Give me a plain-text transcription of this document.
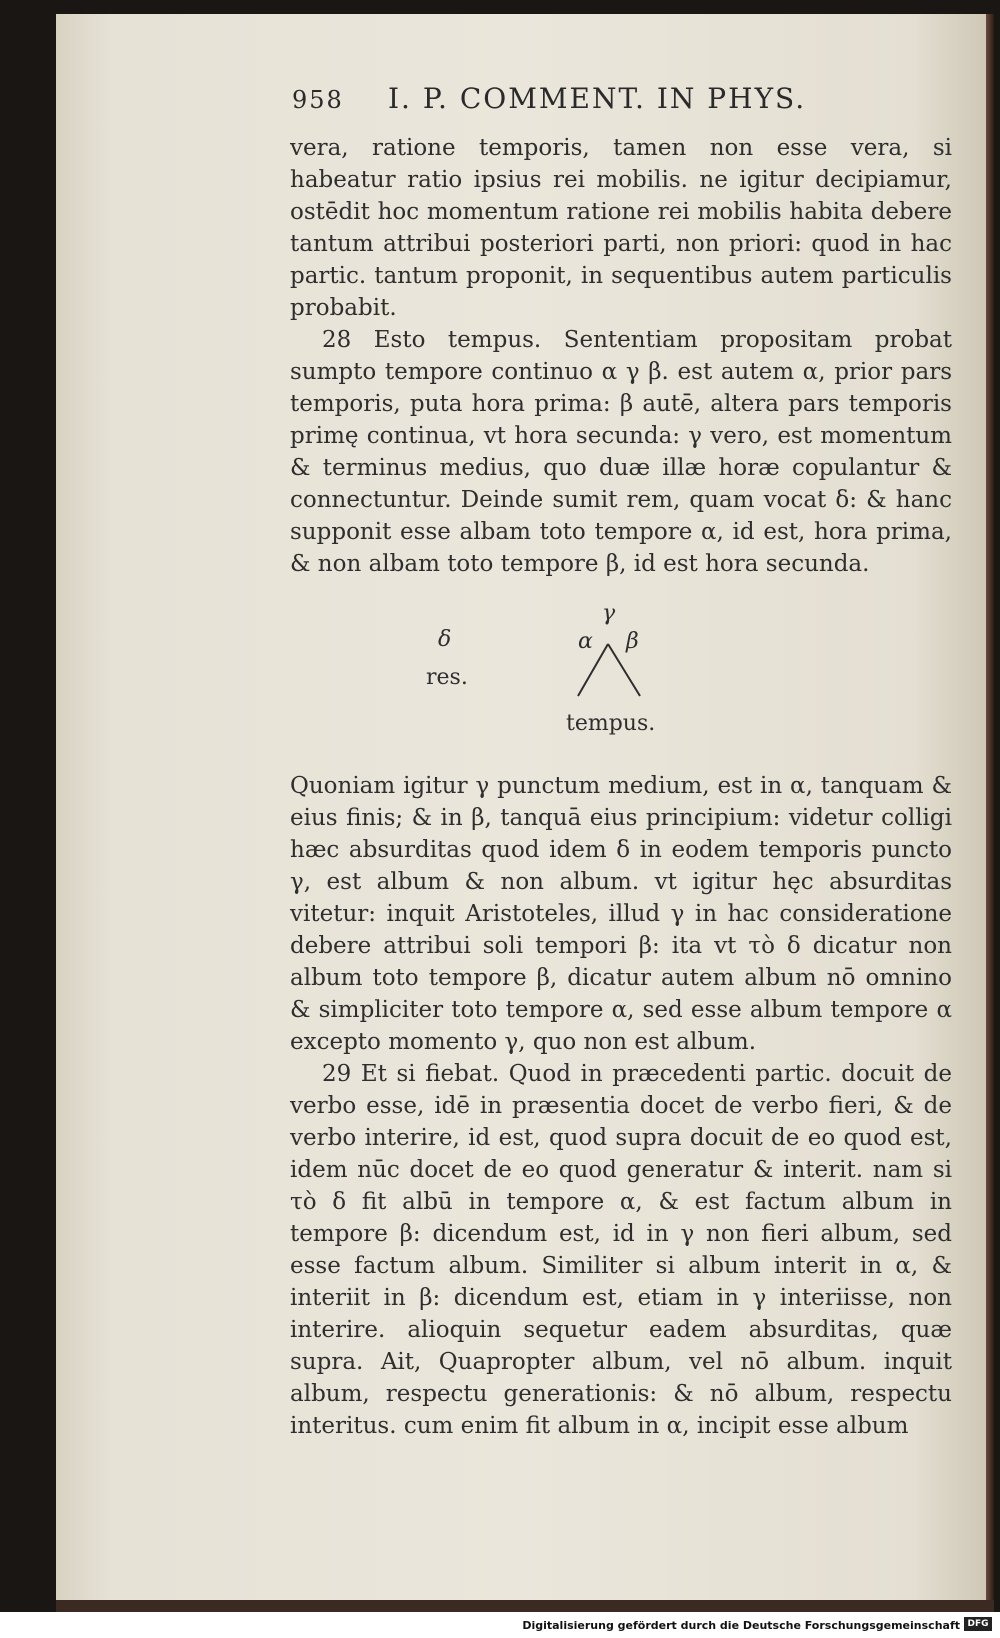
958 I. P. COMMENT. IN PHYS.

vera, ratione temporis, tamen non esse vera, si habeatur ratio ipsius rei mobilis. ne igitur decipiamur, ostēdit hoc momentum ratione rei mobilis habita debere tantum attribui posteriori parti, non priori: quod in hac partic. tantum proponit, in sequentibus autem particulis probabit.

28 Esto tempus. Sententiam propositam probat sumpto tempore continuo α γ β. est autem α, prior pars temporis, puta hora prima: β autē, altera pars temporis primę continua, vt hora secunda: γ vero, est momentum & terminus medius, quo duæ illæ horæ copulantur & connectuntur. Deinde sumit rem, quam vocat δ: & hanc supponit esse albam toto tempore α, id est, hora prima, & non albam toto tempore β, id est hora secunda.

γ
α β
δ
res.
tempus.

Quoniam igitur γ punctum medium, est in α, tanquam & eius finis; & in β, tanquā eius principium: videtur colligi hæc absurditas quod idem δ in eodem temporis puncto γ, est album & non album. vt igitur hęc absurditas vitetur: inquit Aristoteles, illud γ in hac consideratione debere attribui soli tempori β: ita vt τὸ δ dicatur non album toto tempore β, dicatur autem album nō omnino & simpliciter toto tempore α, sed esse album tempore α excepto momento γ, quo non est album.

29 Et si fiebat. Quod in præcedenti partic. docuit de verbo esse, idē in præsentia docet de verbo fieri, & de verbo interire, id est, quod supra docuit de eo quod est, idem nūc docet de eo quod generatur & interit. nam si τὸ δ fit albū in tempore α, & est factum album in tempore β: dicendum est, id in γ non fieri album, sed esse factum album. Similiter si album interit in α, & interiit in β: dicendum est, etiam in γ interiisse, non interire. alioquin sequetur eadem absurditas, quæ supra. Ait, Quapropter album, vel nō album. inquit album, respectu generationis: & nō album, respectu interitus. cum enim fit album in α, incipit esse album

Digitalisierung gefördert durch die Deutsche Forschungsgemeinschaft DFG
